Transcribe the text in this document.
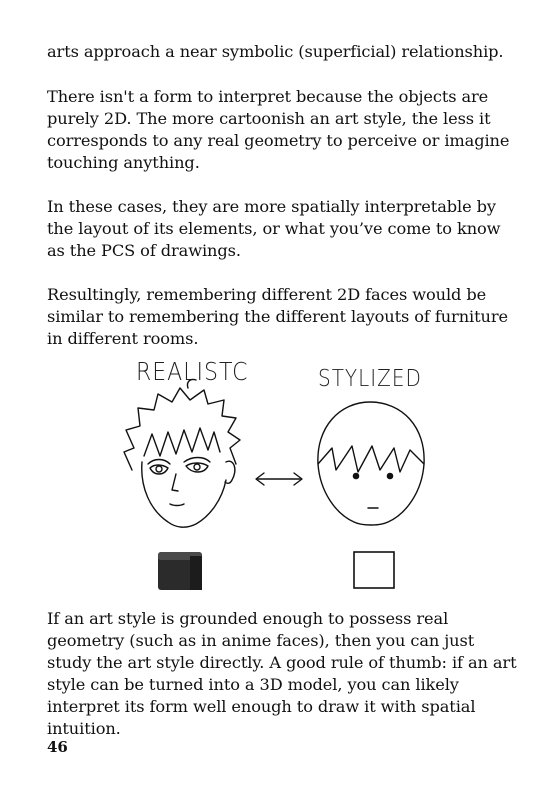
arts approach a near symbolic (superficial) relationship.

There isn't a form to interpret because the objects are purely 2D. The more cartoonish an art style, the less it corresponds to any real geometry to perceive or imagine touching anything.

In these cases, they are more spatially interpretable by the layout of its elements, or what you’ve come to know as the PCS of drawings.

Resultingly, remembering different 2D faces would be similar to remembering the different layouts of furniture in different rooms.

REALISTC	STYLIZED

If an art style is grounded enough to possess real geometry (such as in anime faces), then you can just study the art style directly. A good rule of thumb: if an art style can be turned into a 3D model, you can likely interpret its form well enough to draw it with spatial intuition.

46
